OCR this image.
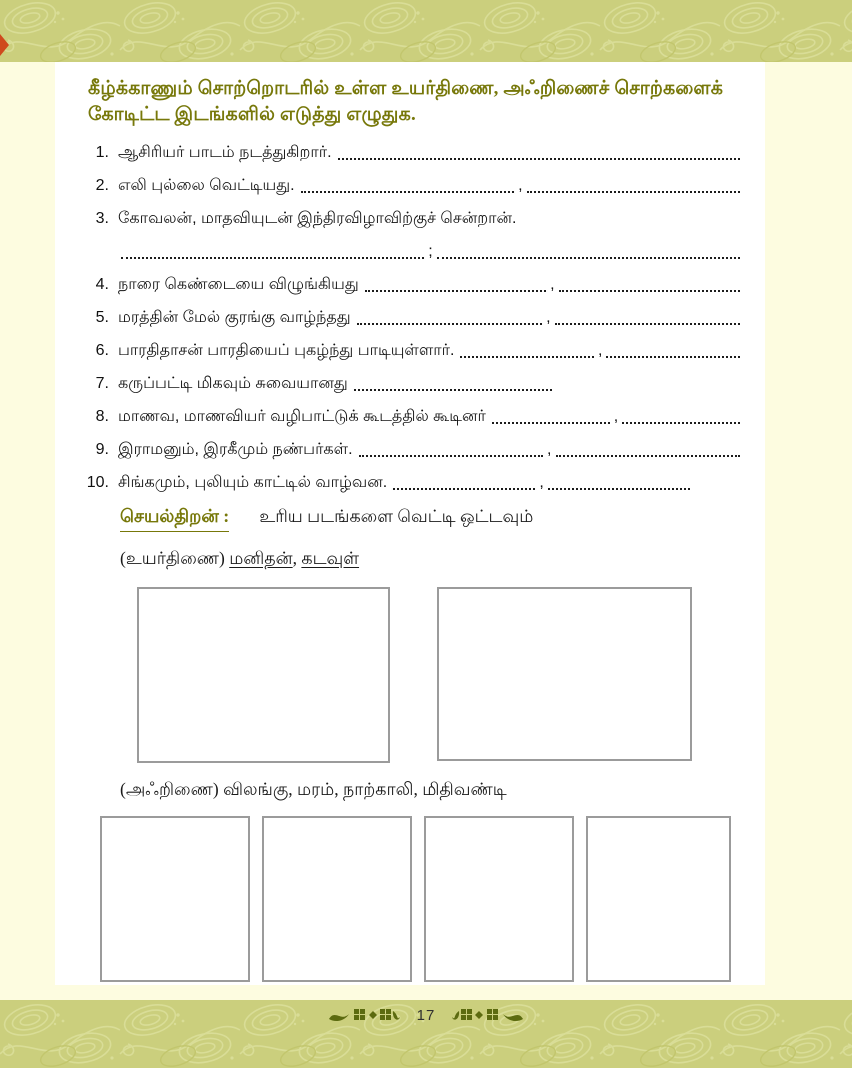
கீழ்க்காணும் சொற்றொடரில் உள்ள உயர்திணை, அஃறிணைச் சொற்களைக்
கோடிட்ட இடங்களில் எடுத்து எழுதுக.
1. ஆசிரியர் பாடம் நடத்துகிறார்.
2. எலி புல்லை வெட்டியது.	,
3. கோவலன், மாதவியுடன் இந்திரவிழாவிற்குச் சென்றான்.
;
4. நாரை கெண்டையை விழுங்கியது	,
5. மரத்தின் மேல் குரங்கு வாழ்ந்தது	,
6. பாரதிதாசன் பாரதியைப் புகழ்ந்து பாடியுள்ளார்.	,
7. கருப்பட்டி மிகவும் சுவையானது
8. மாணவ, மாணவியர் வழிபாட்டுக் கூடத்தில் கூடினர்	,
9. இராமனும், இரகீமும் நண்பர்கள்.	,
10. சிங்கமும், புலியும் காட்டில் வாழ்வன.	,
செயல்திறன் : உரிய படங்களை வெட்டி ஒட்டவும்
(உயர்திணை) மனிதன், கடவுள்
(அஃறிணை) விலங்கு, மரம், நாற்காலி, மிதிவண்டி
17
